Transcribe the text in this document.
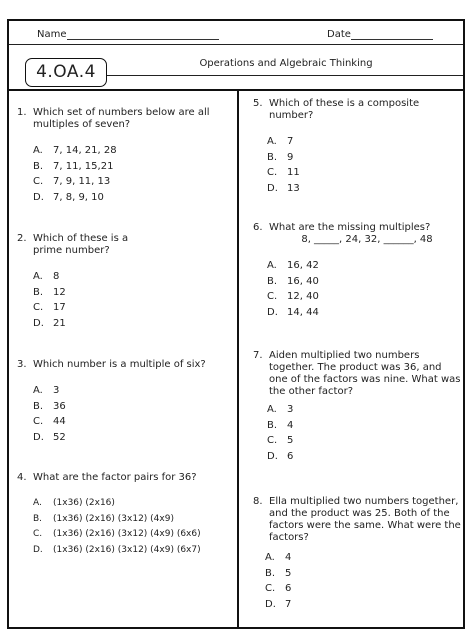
Name	Date
4.OA.4	Operations and Algebraic Thinking
1. Which set of numbers below are all multiples of seven?
A. 7, 14, 21, 28
B. 7, 11, 15,21
C. 7, 9, 11, 13
D. 7, 8, 9, 10
2. Which of these is a prime number?
A. 8
B. 12
C. 17
D. 21
3. Which number is a multiple of six?
A. 3
B. 36
C. 44
D. 52
4. What are the factor pairs for 36?
A. (1x36) (2x16)
B. (1x36) (2x16) (3x12) (4x9)
C. (1x36) (2x16) (3x12) (4x9) (6x6)
D. (1x36) (2x16) (3x12) (4x9) (6x7)
5. Which of these is a composite number?
A. 7
B. 9
C. 11
D. 13
6. What are the missing multiples?
8, _____, 24, 32, ______, 48
A. 16, 42
B. 16, 40
C. 12, 40
D. 14, 44
7. Aiden multiplied two numbers together. The product was 36, and one of the factors was nine. What was the other factor?
A. 3
B. 4
C. 5
D. 6
8. Ella multiplied two numbers together, and the product was 25. Both of the factors were the same. What were the factors?
A. 4
B. 5
C. 6
D. 7
